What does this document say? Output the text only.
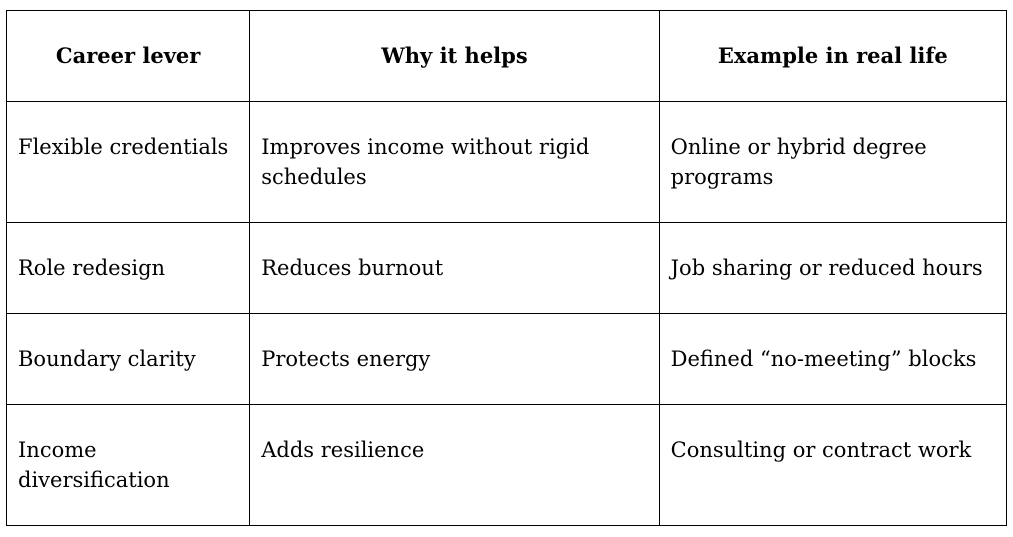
Career lever	Why it helps	Example in real life
Flexible credentials	Improves income without rigid schedules	Online or hybrid degree programs
Role redesign	Reduces burnout	Job sharing or reduced hours
Boundary clarity	Protects energy	Defined “no-meeting” blocks
Income diversification	Adds resilience	Consulting or contract work
